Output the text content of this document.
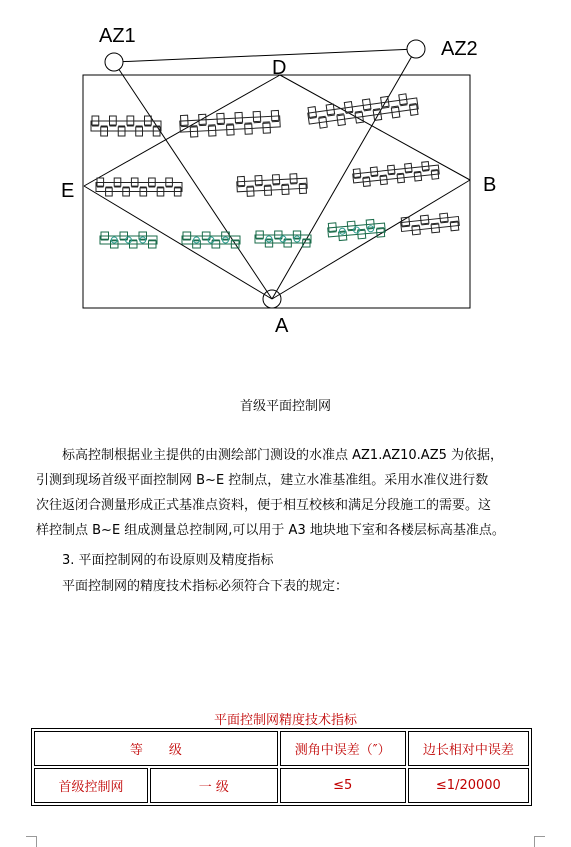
AZ1
AZ2
D
E	B
A
首级平面控制网
标高控制根据业主提供的由测绘部门测设的水准点 AZ1.AZ10.AZ5 为依据，
引测到现场首级平面控制网 B~E 控制点，建立水准基准组。采用水准仪进行数
次往返闭合测量形成正式基准点资料，便于相互校核和满足分段施工的需要。这
样控制点 B~E 组成测量总控制网,可以用于 A3 地块地下室和各楼层标高基准点。
3. 平面控制网的布设原则及精度指标
平面控制网的精度技术指标必须符合下表的规定：
平面控制网精度技术指标
等　　级		测角中误差（″）	边长相对中误差
首级控制网	一 级	≤5	≤1/20000
